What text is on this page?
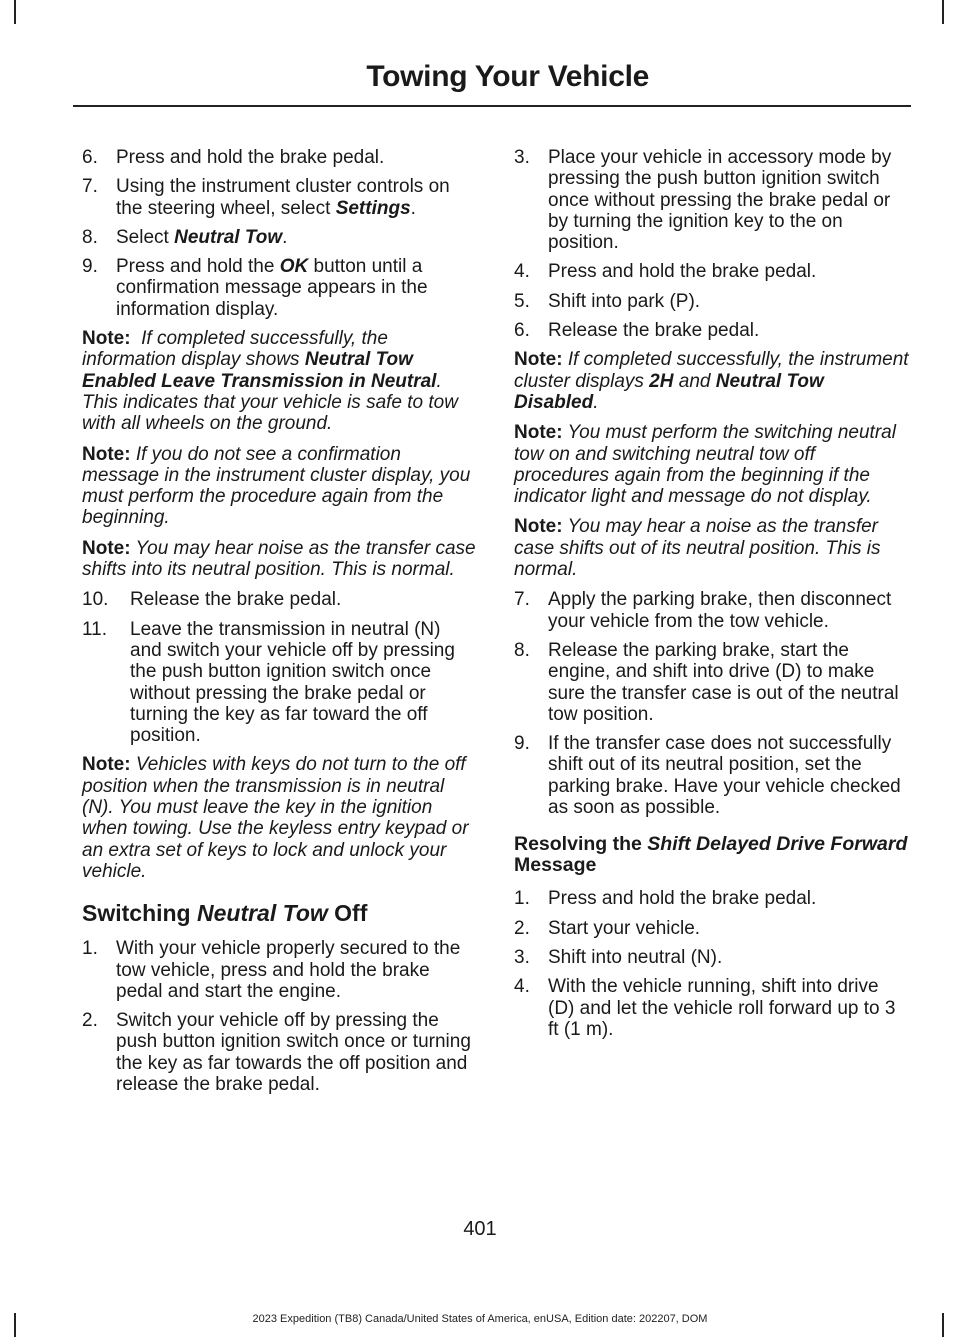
Towing Your Vehicle
6. Press and hold the brake pedal.
7. Using the instrument cluster controls on the steering wheel, select Settings.
8. Select Neutral Tow.
9. Press and hold the OK button until a confirmation message appears in the information display.

Note: If completed successfully, the information display shows Neutral Tow Enabled Leave Transmission in Neutral. This indicates that your vehicle is safe to tow with all wheels on the ground.

Note: If you do not see a confirmation message in the instrument cluster display, you must perform the procedure again from the beginning.

Note: You may hear noise as the transfer case shifts into its neutral position. This is normal.

10.	Release the brake pedal.
11.	Leave the transmission in neutral (N) and switch your vehicle off by pressing the push button ignition switch once without pressing the brake pedal or turning the key as far toward the off position.

Note: Vehicles with keys do not turn to the off position when the transmission is in neutral (N). You must leave the key in the ignition when towing. Use the keyless entry keypad or an extra set of keys to lock and unlock your vehicle.

Switching Neutral Tow Off
1. With your vehicle properly secured to the tow vehicle, press and hold the brake pedal and start the engine.
2. Switch your vehicle off by pressing the push button ignition switch once or turning the key as far towards the off position and release the brake pedal.
3. Place your vehicle in accessory mode by pressing the push button ignition switch once without pressing the brake pedal or by turning the ignition key to the on position.
4. Press and hold the brake pedal.
5. Shift into park (P).
6. Release the brake pedal.

Note: If completed successfully, the instrument cluster displays 2H and Neutral Tow Disabled.

Note: You must perform the switching neutral tow on and switching neutral tow off procedures again from the beginning if the indicator light and message do not display.

Note: You may hear a noise as the transfer case shifts out of its neutral position. This is normal.

7. Apply the parking brake, then disconnect your vehicle from the tow vehicle.
8. Release the parking brake, start the engine, and shift into drive (D) to make sure the transfer case is out of the neutral tow position.
9. If the transfer case does not successfully shift out of its neutral position, set the parking brake. Have your vehicle checked as soon as possible.
Resolving the Shift Delayed Drive Forward Message
1. Press and hold the brake pedal.
2. Start your vehicle.
3. Shift into neutral (N).
4. With the vehicle running, shift into drive (D) and let the vehicle roll forward up to 3 ft (1 m).
401
2023 Expedition (TB8) Canada/United States of America, enUSA, Edition date: 202207, DOM
